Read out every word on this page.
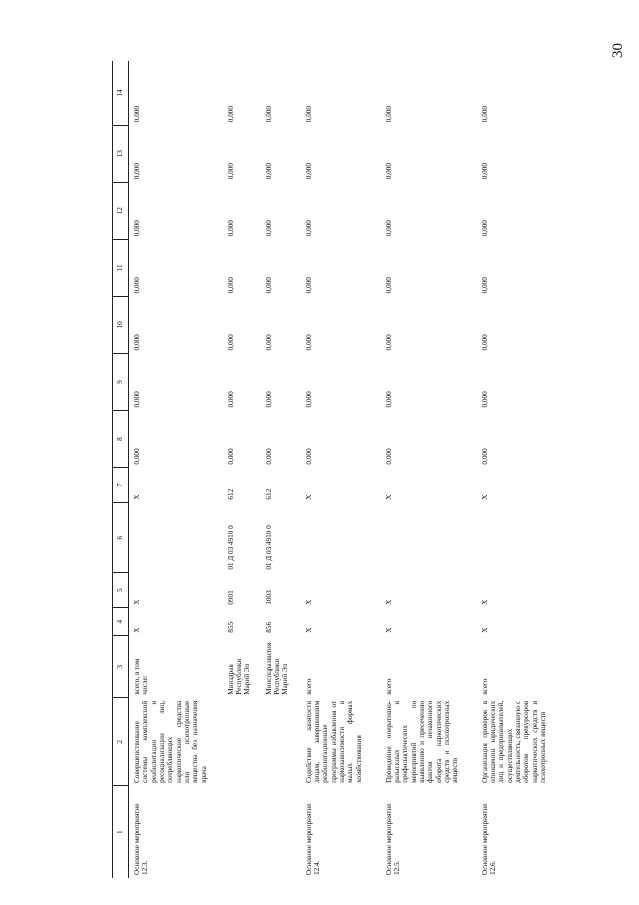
30
1	2	3	4	5	6	7	8	9	10	11	12	13	14
Основное мероприятие 12.3.	Совершенствование системы комплексной реабилитации и ресоциализации лиц, потребляющих наркотические средства или психотропные вещества без назначения врача	всего, в том числе:	X	X		X	0,000	0,000	0,000	0,000	0,000	0,000	0,000
		Минздрав Республики Марий Эл	855	0901	01 Д 03 4910 0	612	0,000	0,000	0,000	0,000	0,000	0,000	0,000
		Минсоцразвития Республики Марий Эл	856	1003	01 Д 03 4910 0	612	0,000	0,000	0,000	0,000	0,000	0,000	0,000
Основное мероприятие 12.4.	Содействие занятости лицам, завершившим реабилитационные программы избавления от наркозависимости в малых формах хозяйствования	всего	X	X		X	0,000	0,000	0,000	0,000	0,000	0,000	0,000
Основное мероприятие 12.5.	Проведение оперативно-разыскных и профилактических мероприятий по выявлению и пресечению фактов незаконного оборота наркотических средств и психотропных веществ	всего	X	X		X	0,000	0,000	0,000	0,000	0,000	0,000	0,000
Основное мероприятие 12.6.	Организация проверок в отношении юридических лиц и предпринимателей, осуществляющих деятельность, связанную с оборотом прекурсоров наркотических средств и психотропных веществ	всего	X	X		X	0,000	0,000	0,000	0,000	0,000	0,000	0,000
